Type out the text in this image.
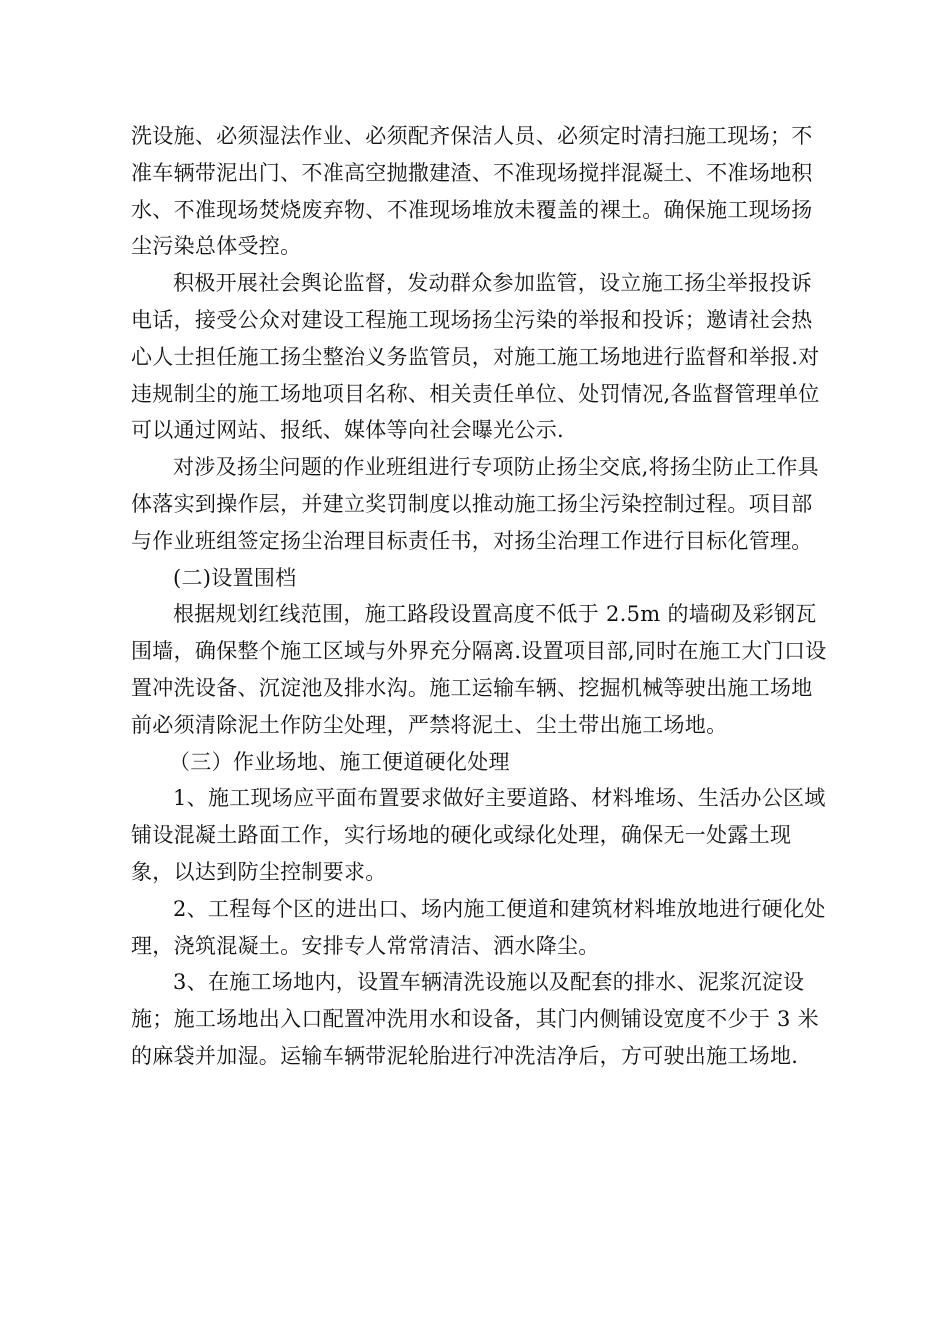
洗设施、必须湿法作业、必须配齐保洁人员、必须定时清扫施工现场；不准车辆带泥出门、不准高空抛撒建渣、不准现场搅拌混凝土、不准场地积水、不准现场焚烧废弃物、不准现场堆放未覆盖的裸土。确保施工现场扬尘污染总体受控。

积极开展社会舆论监督，发动群众参加监管，设立施工扬尘举报投诉电话，接受公众对建设工程施工现场扬尘污染的举报和投诉；邀请社会热心人士担任施工扬尘整治义务监管员，对施工施工场地进行监督和举报.对违规制尘的施工场地项目名称、相关责任单位、处罚情况,各监督管理单位可以通过网站、报纸、媒体等向社会曝光公示.

对涉及扬尘问题的作业班组进行专项防止扬尘交底,将扬尘防止工作具体落实到操作层，并建立奖罚制度以推动施工扬尘污染控制过程。项目部与作业班组签定扬尘治理目标责任书，对扬尘治理工作进行目标化管理。

(二)设置围档

根据规划红线范围，施工路段设置高度不低于 2.5m 的墙砌及彩钢瓦围墙，确保整个施工区域与外界充分隔离.设置项目部,同时在施工大门口设置冲洗设备、沉淀池及排水沟。施工运输车辆、挖掘机械等驶出施工场地前必须清除泥土作防尘处理，严禁将泥土、尘土带出施工场地。

（三）作业场地、施工便道硬化处理

1、施工现场应平面布置要求做好主要道路、材料堆场、生活办公区域铺设混凝土路面工作，实行场地的硬化或绿化处理，确保无一处露土现象，以达到防尘控制要求。

2、工程每个区的进出口、场内施工便道和建筑材料堆放地进行硬化处理，浇筑混凝土。安排专人常常清洁、洒水降尘。

3、在施工场地内，设置车辆清洗设施以及配套的排水、泥浆沉淀设施；施工场地出入口配置冲洗用水和设备，其门内侧铺设宽度不少于 3 米的麻袋并加湿。运输车辆带泥轮胎进行冲洗洁净后，方可驶出施工场地.
